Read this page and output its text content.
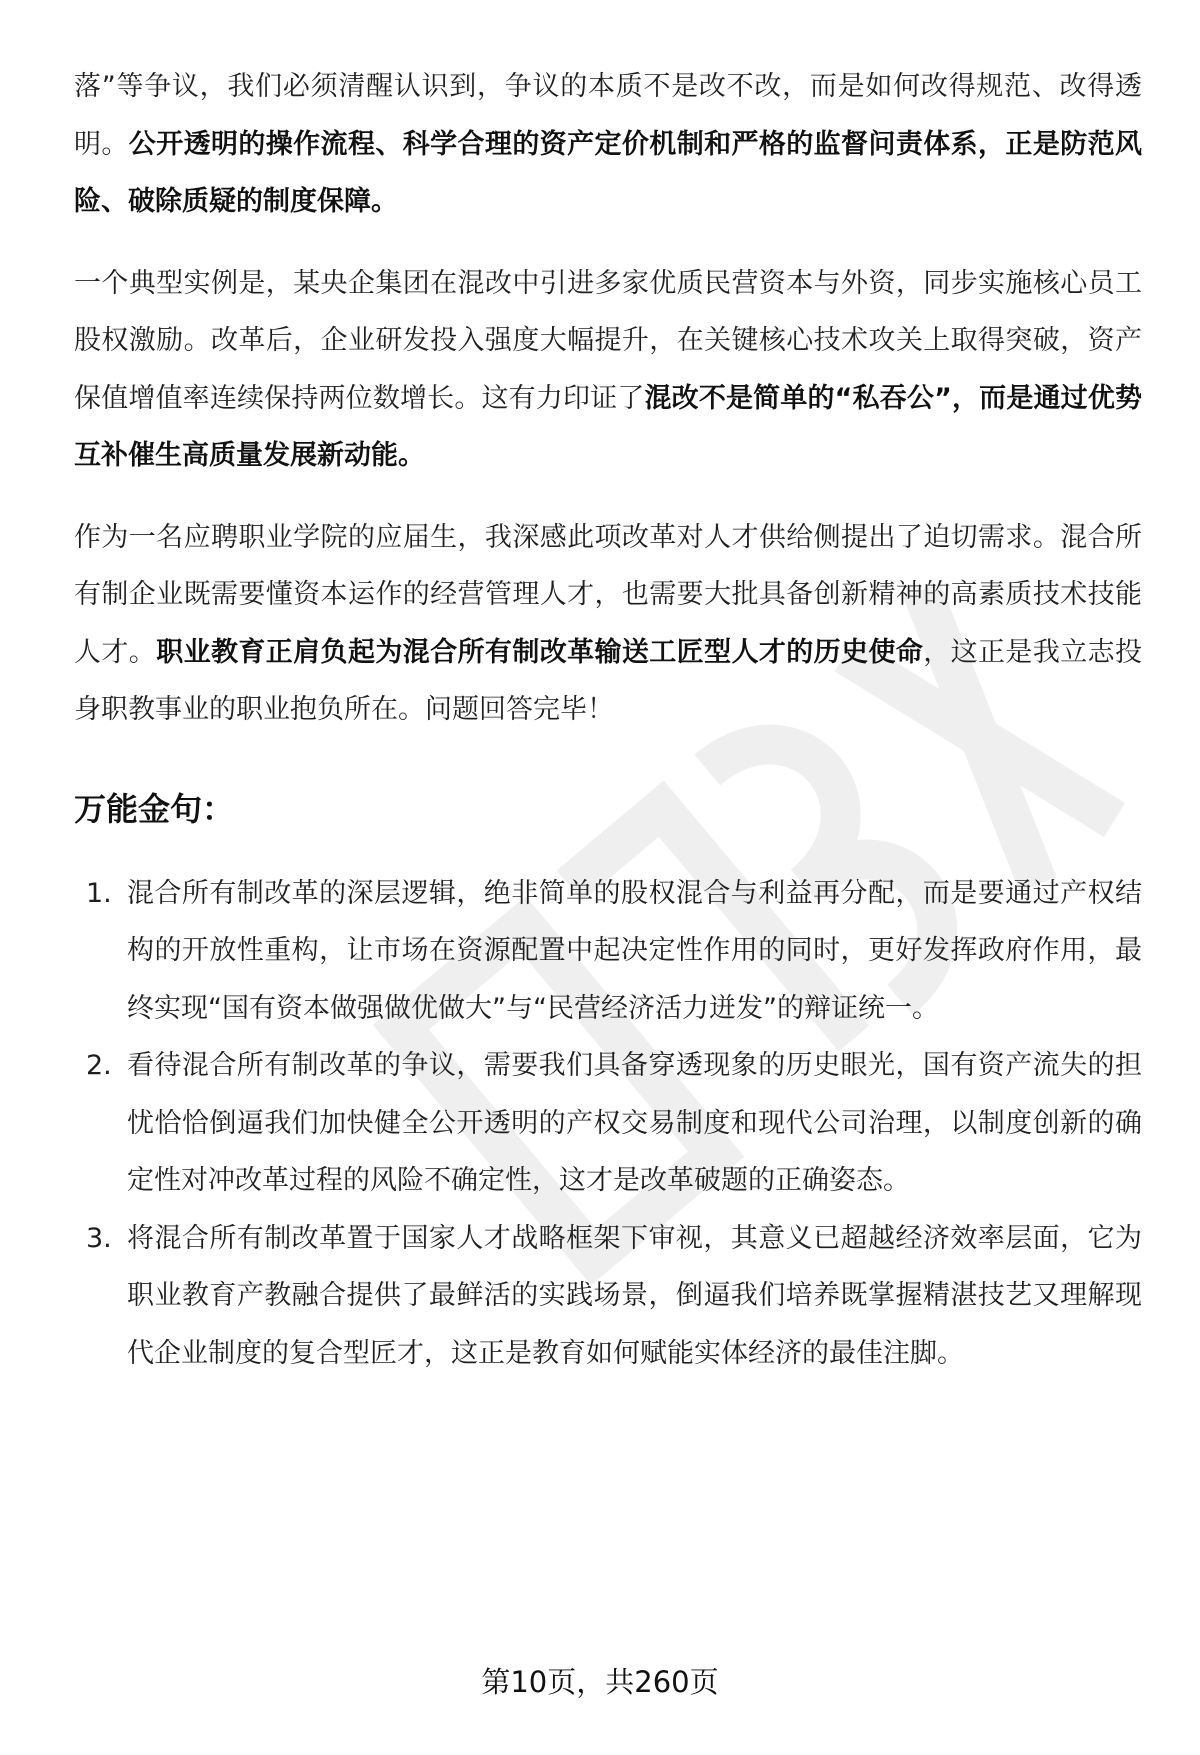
落”等争议，我们必须清醒认识到，争议的本质不是改不改，而是如何改得规范、改得透明。公开透明的操作流程、科学合理的资产定价机制和严格的监督问责体系，正是防范风险、破除质疑的制度保障。

一个典型实例是，某央企集团在混改中引进多家优质民营资本与外资，同步实施核心员工股权激励。改革后，企业研发投入强度大幅提升，在关键核心技术攻关上取得突破，资产保值增值率连续保持两位数增长。这有力印证了混改不是简单的“私吞公”，而是通过优势互补催生高质量发展新动能。

作为一名应聘职业学院的应届生，我深感此项改革对人才供给侧提出了迫切需求。混合所有制企业既需要懂资本运作的经营管理人才，也需要大批具备创新精神的高素质技术技能人才。职业教育正肩负起为混合所有制改革输送工匠型人才的历史使命，这正是我立志投身职教事业的职业抱负所在。问题回答完毕！

万能金句：
1. 混合所有制改革的深层逻辑，绝非简单的股权混合与利益再分配，而是要通过产权结构的开放性重构，让市场在资源配置中起决定性作用的同时，更好发挥政府作用，最终实现“国有资本做强做优做大”与“民营经济活力迸发”的辩证统一。
2. 看待混合所有制改革的争议，需要我们具备穿透现象的历史眼光，国有资产流失的担忧恰恰倒逼我们加快健全公开透明的产权交易制度和现代公司治理，以制度创新的确定性对冲改革过程的风险不确定性，这才是改革破题的正确姿态。
3. 将混合所有制改革置于国家人才战略框架下审视，其意义已超越经济效率层面，它为职业教育产教融合提供了最鲜活的实践场景，倒逼我们培养既掌握精湛技艺又理解现代企业制度的复合型匠才，这正是教育如何赋能实体经济的最佳注脚。
第10页，共260页
